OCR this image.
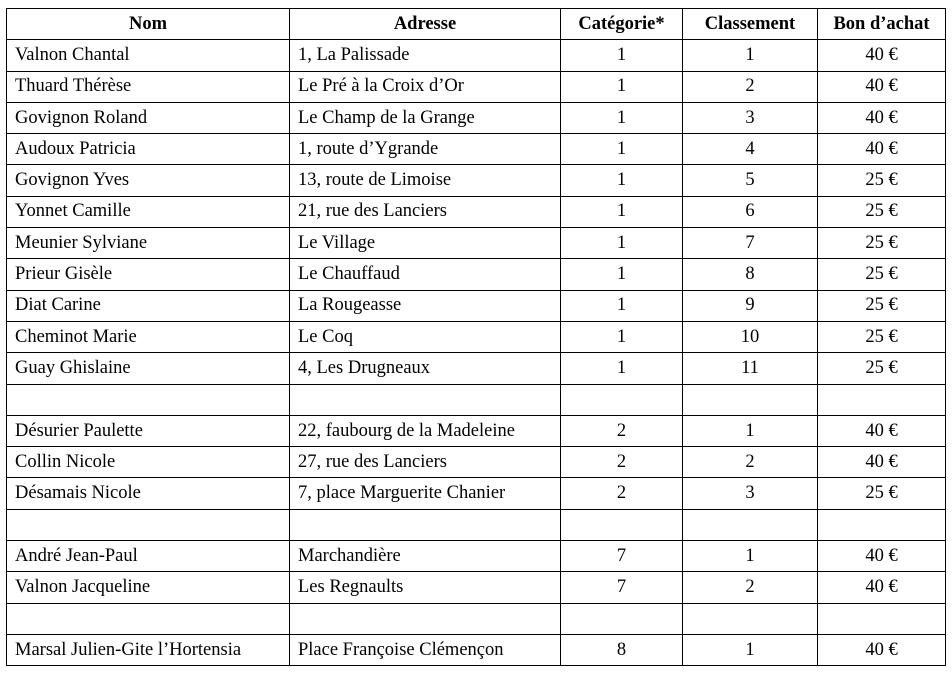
Nom	Adresse	Catégorie*	Classement	Bon d’achat
Valnon Chantal	1, La Palissade	1	1	40 €
Thuard Thérèse	Le Pré à la Croix d’Or	1	2	40 €
Govignon Roland	Le Champ de la Grange	1	3	40 €
Audoux Patricia	1, route d’Ygrande	1	4	40 €
Govignon Yves	13, route de Limoise	1	5	25 €
Yonnet Camille	21, rue des Lanciers	1	6	25 €
Meunier Sylviane	Le Village	1	7	25 €
Prieur Gisèle	Le Chauffaud	1	8	25 €
Diat Carine	La Rougeasse	1	9	25 €
Cheminot Marie	Le Coq	1	10	25 €
Guay Ghislaine	4, Les Drugneaux	1	11	25 €

Désurier Paulette	22, faubourg de la Madeleine	2	1	40 €
Collin Nicole	27, rue des Lanciers	2	2	40 €
Désamais Nicole	7, place Marguerite Chanier	2	3	25 €

André Jean-Paul	Marchandière	7	1	40 €
Valnon Jacqueline	Les Regnaults	7	2	40 €

Marsal Julien-Gite l’Hortensia	Place Françoise Clémençon	8	1	40 €
